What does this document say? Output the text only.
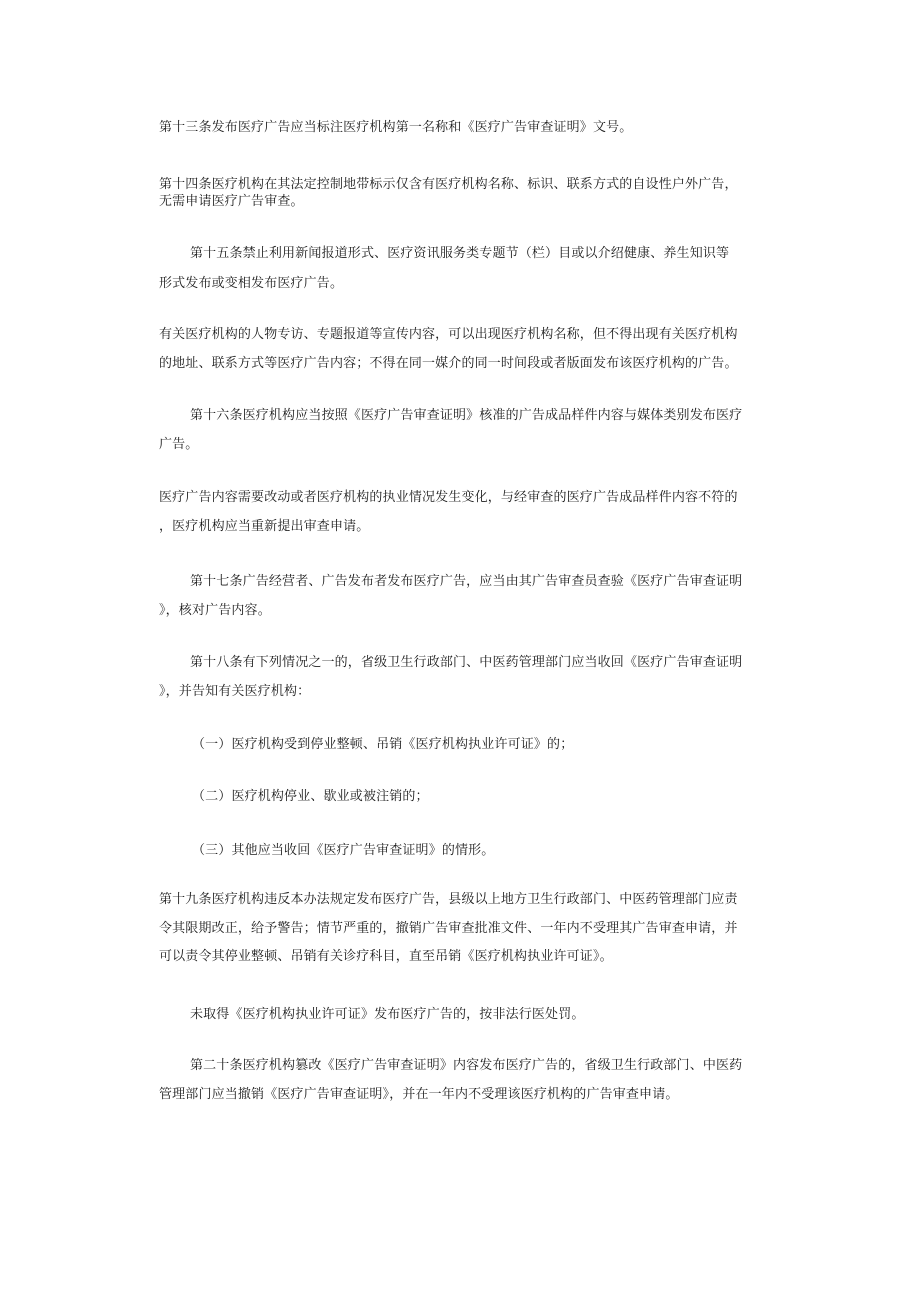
第十三条发布医疗广告应当标注医疗机构第一名称和《医疗广告审查证明》文号。
第十四条医疗机构在其法定控制地带标示仅含有医疗机构名称、标识、联系方式的自设性户外广告，
无需申请医疗广告审查。
第十五条禁止利用新闻报道形式、医疗资讯服务类专题节（栏）目或以介绍健康、养生知识等
形式发布或变相发布医疗广告。
有关医疗机构的人物专访、专题报道等宣传内容，可以出现医疗机构名称，但不得出现有关医疗机构
的地址、联系方式等医疗广告内容；不得在同一媒介的同一时间段或者版面发布该医疗机构的广告。
第十六条医疗机构应当按照《医疗广告审查证明》核准的广告成品样件内容与媒体类别发布医疗
广告。
医疗广告内容需要改动或者医疗机构的执业情况发生变化，与经审查的医疗广告成品样件内容不符的
，医疗机构应当重新提出审查申请。
第十七条广告经营者、广告发布者发布医疗广告，应当由其广告审查员查验《医疗广告审查证明
》，核对广告内容。
第十八条有下列情况之一的，省级卫生行政部门、中医药管理部门应当收回《医疗广告审查证明
》，并告知有关医疗机构：
（一）医疗机构受到停业整顿、吊销《医疗机构执业许可证》的；
（二）医疗机构停业、歇业或被注销的；
（三）其他应当收回《医疗广告审查证明》的情形。
第十九条医疗机构违反本办法规定发布医疗广告，县级以上地方卫生行政部门、中医药管理部门应责
令其限期改正，给予警告；情节严重的，撤销广告审查批准文件、一年内不受理其广告审查申请，并
可以责令其停业整顿、吊销有关诊疗科目，直至吊销《医疗机构执业许可证》。
未取得《医疗机构执业许可证》发布医疗广告的，按非法行医处罚。
第二十条医疗机构篡改《医疗广告审查证明》内容发布医疗广告的，省级卫生行政部门、中医药
管理部门应当撤销《医疗广告审查证明》，并在一年内不受理该医疗机构的广告审查申请。
